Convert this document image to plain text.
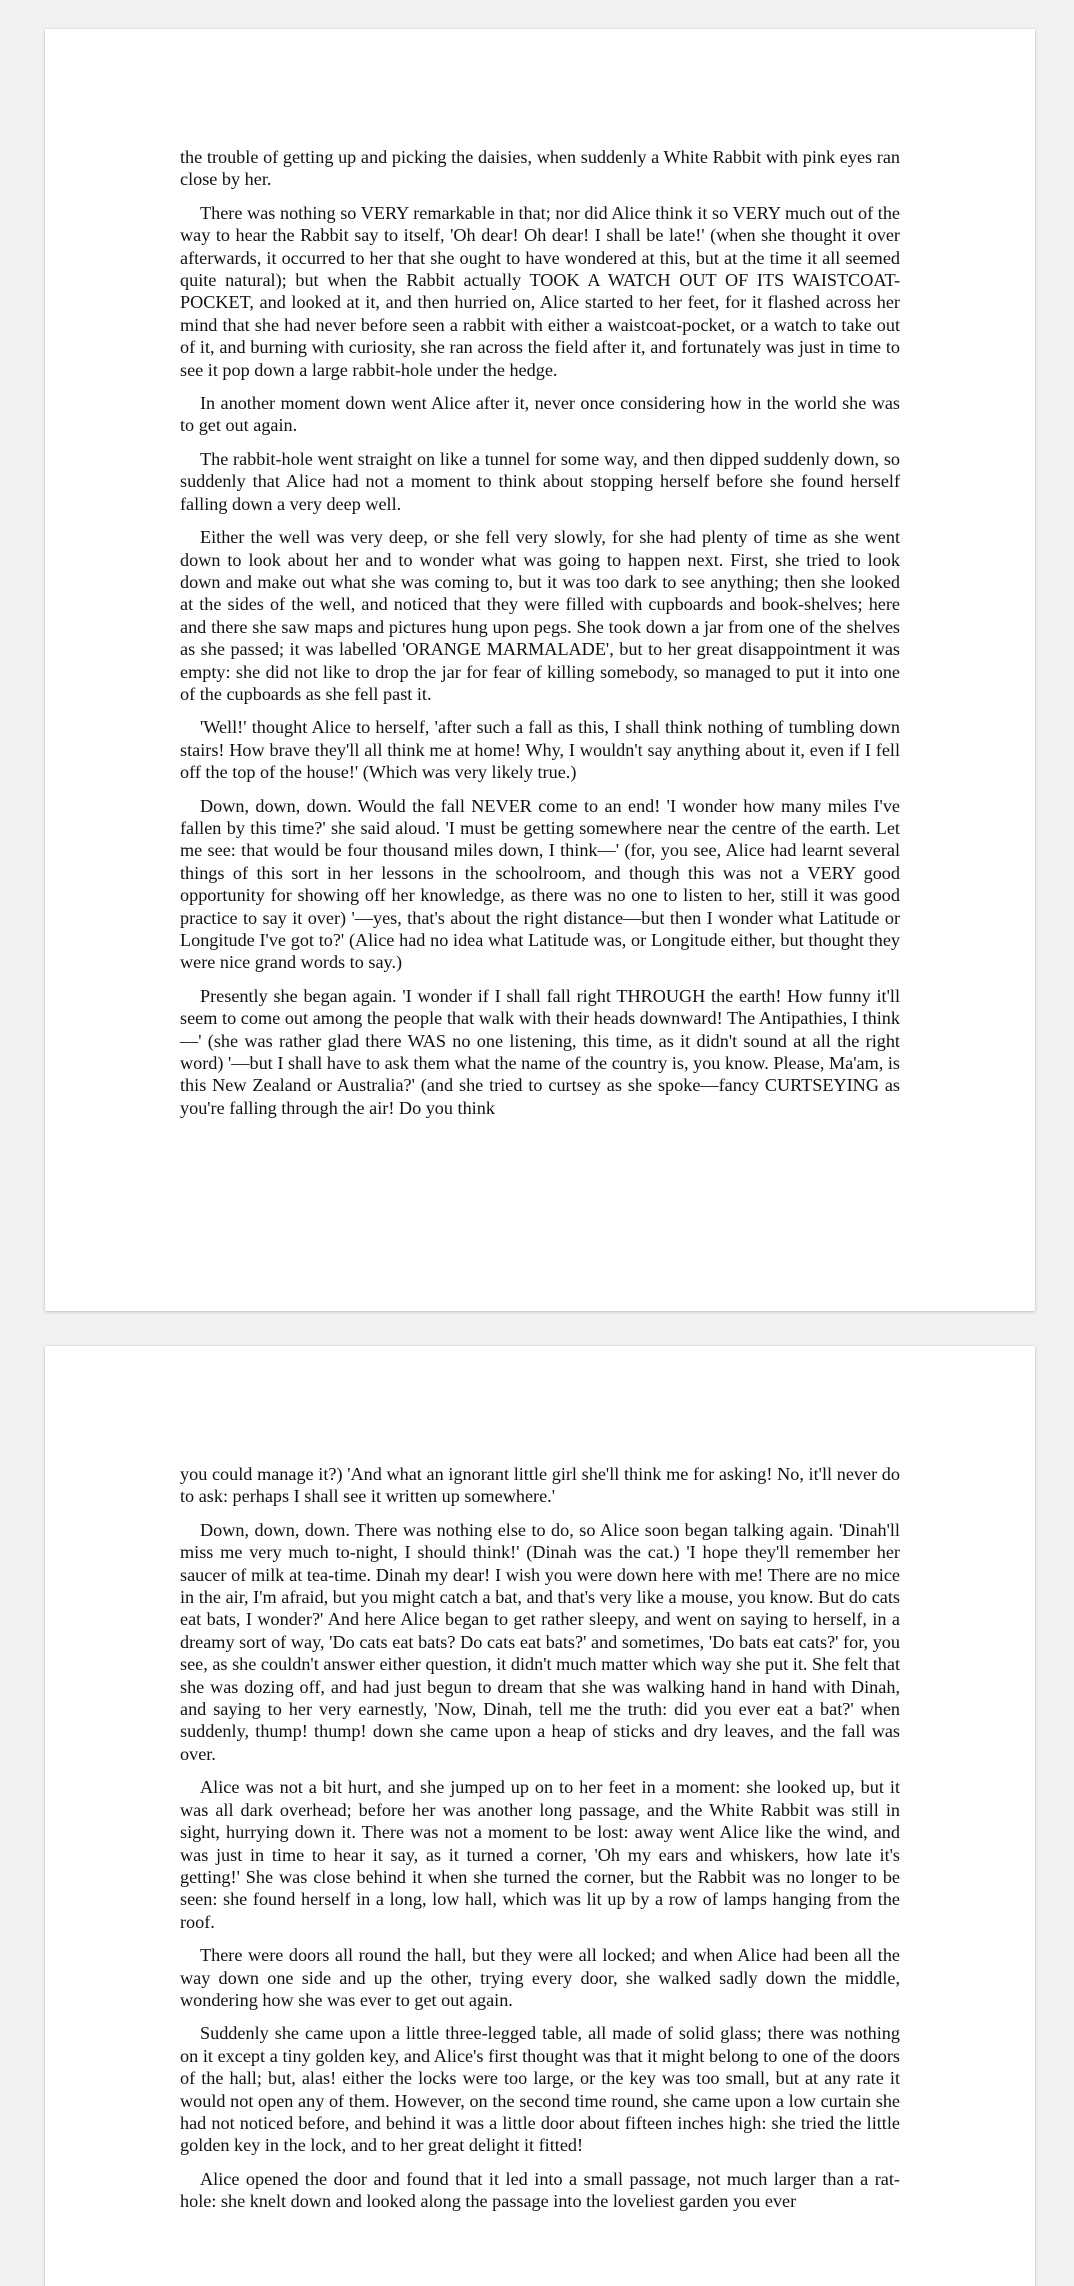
the trouble of getting up and picking the daisies, when suddenly a White Rabbit with pink eyes ran close by her.

There was nothing so VERY remarkable in that; nor did Alice think it so VERY much out of the way to hear the Rabbit say to itself, 'Oh dear! Oh dear! I shall be late!' (when she thought it over afterwards, it occurred to her that she ought to have wondered at this, but at the time it all seemed quite natural); but when the Rabbit actually TOOK A WATCH OUT OF ITS WAISTCOAT-POCKET, and looked at it, and then hurried on, Alice started to her feet, for it flashed across her mind that she had never before seen a rabbit with either a waistcoat-pocket, or a watch to take out of it, and burning with curiosity, she ran across the field after it, and fortunately was just in time to see it pop down a large rabbit-hole under the hedge.

In another moment down went Alice after it, never once considering how in the world she was to get out again.

The rabbit-hole went straight on like a tunnel for some way, and then dipped suddenly down, so suddenly that Alice had not a moment to think about stopping herself before she found herself falling down a very deep well.

Either the well was very deep, or she fell very slowly, for she had plenty of time as she went down to look about her and to wonder what was going to happen next. First, she tried to look down and make out what she was coming to, but it was too dark to see anything; then she looked at the sides of the well, and noticed that they were filled with cupboards and book-shelves; here and there she saw maps and pictures hung upon pegs. She took down a jar from one of the shelves as she passed; it was labelled 'ORANGE MARMALADE', but to her great disappointment it was empty: she did not like to drop the jar for fear of killing somebody, so managed to put it into one of the cupboards as she fell past it.

'Well!' thought Alice to herself, 'after such a fall as this, I shall think nothing of tumbling down stairs! How brave they'll all think me at home! Why, I wouldn't say anything about it, even if I fell off the top of the house!' (Which was very likely true.)

Down, down, down. Would the fall NEVER come to an end! 'I wonder how many miles I've fallen by this time?' she said aloud. 'I must be getting somewhere near the centre of the earth. Let me see: that would be four thousand miles down, I think—' (for, you see, Alice had learnt several things of this sort in her lessons in the schoolroom, and though this was not a VERY good opportunity for showing off her knowledge, as there was no one to listen to her, still it was good practice to say it over) '—yes, that's about the right distance—but then I wonder what Latitude or Longitude I've got to?' (Alice had no idea what Latitude was, or Longitude either, but thought they were nice grand words to say.)

Presently she began again. 'I wonder if I shall fall right THROUGH the earth! How funny it'll seem to come out among the people that walk with their heads downward! The Antipathies, I think—' (she was rather glad there WAS no one listening, this time, as it didn't sound at all the right word) '—but I shall have to ask them what the name of the country is, you know. Please, Ma'am, is this New Zealand or Australia?' (and she tried to curtsey as she spoke—fancy CURTSEYING as you're falling through the air! Do you think

you could manage it?) 'And what an ignorant little girl she'll think me for asking! No, it'll never do to ask: perhaps I shall see it written up somewhere.'

Down, down, down. There was nothing else to do, so Alice soon began talking again. 'Dinah'll miss me very much to-night, I should think!' (Dinah was the cat.) 'I hope they'll remember her saucer of milk at tea-time. Dinah my dear! I wish you were down here with me! There are no mice in the air, I'm afraid, but you might catch a bat, and that's very like a mouse, you know. But do cats eat bats, I wonder?' And here Alice began to get rather sleepy, and went on saying to herself, in a dreamy sort of way, 'Do cats eat bats? Do cats eat bats?' and sometimes, 'Do bats eat cats?' for, you see, as she couldn't answer either question, it didn't much matter which way she put it. She felt that she was dozing off, and had just begun to dream that she was walking hand in hand with Dinah, and saying to her very earnestly, 'Now, Dinah, tell me the truth: did you ever eat a bat?' when suddenly, thump! thump! down she came upon a heap of sticks and dry leaves, and the fall was over.

Alice was not a bit hurt, and she jumped up on to her feet in a moment: she looked up, but it was all dark overhead; before her was another long passage, and the White Rabbit was still in sight, hurrying down it. There was not a moment to be lost: away went Alice like the wind, and was just in time to hear it say, as it turned a corner, 'Oh my ears and whiskers, how late it's getting!' She was close behind it when she turned the corner, but the Rabbit was no longer to be seen: she found herself in a long, low hall, which was lit up by a row of lamps hanging from the roof.

There were doors all round the hall, but they were all locked; and when Alice had been all the way down one side and up the other, trying every door, she walked sadly down the middle, wondering how she was ever to get out again.

Suddenly she came upon a little three-legged table, all made of solid glass; there was nothing on it except a tiny golden key, and Alice's first thought was that it might belong to one of the doors of the hall; but, alas! either the locks were too large, or the key was too small, but at any rate it would not open any of them. However, on the second time round, she came upon a low curtain she had not noticed before, and behind it was a little door about fifteen inches high: she tried the little golden key in the lock, and to her great delight it fitted!

Alice opened the door and found that it led into a small passage, not much larger than a rat-hole: she knelt down and looked along the passage into the loveliest garden you ever
